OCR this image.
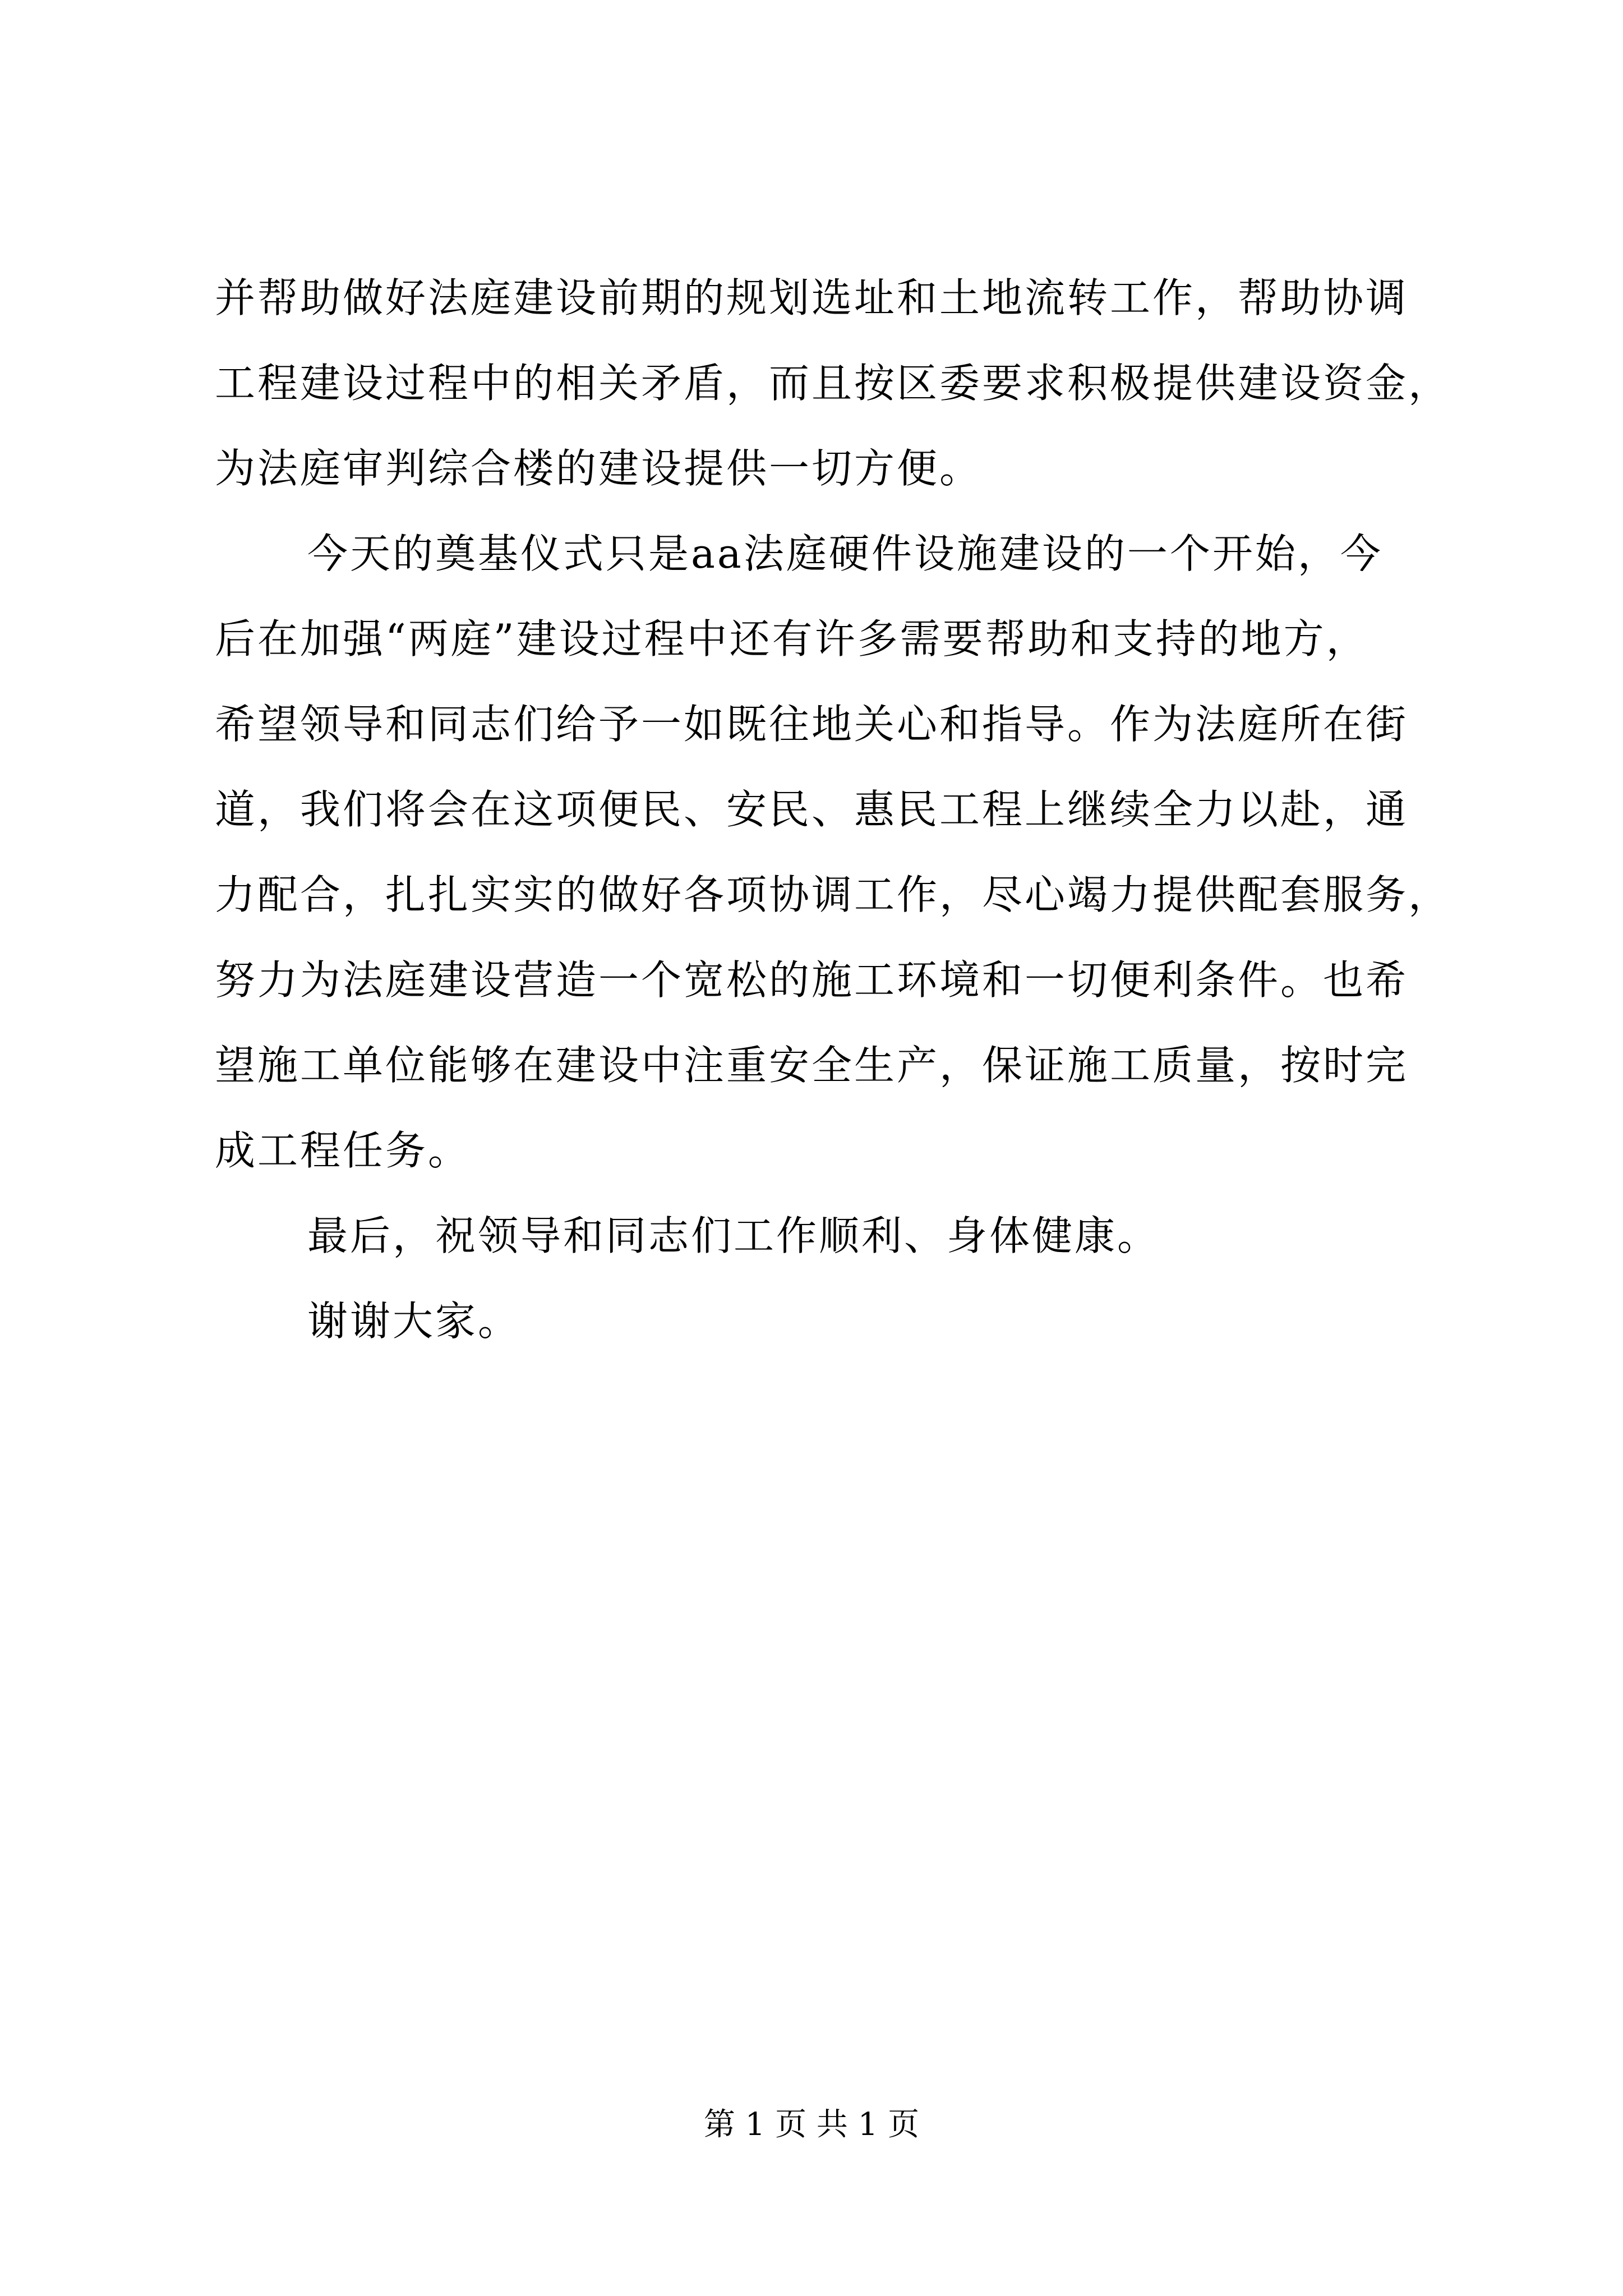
并帮助做好法庭建设前期的规划选址和土地流转工作，帮助协调
工程建设过程中的相关矛盾，而且按区委要求积极提供建设资金，
为法庭审判综合楼的建设提供一切方便。
今天的奠基仪式只是aa法庭硬件设施建设的一个开始，今
后在加强“两庭”建设过程中还有许多需要帮助和支持的地方，
希望领导和同志们给予一如既往地关心和指导。作为法庭所在街
道，我们将会在这项便民、安民、惠民工程上继续全力以赴，通
力配合，扎扎实实的做好各项协调工作，尽心竭力提供配套服务，
努力为法庭建设营造一个宽松的施工环境和一切便利条件。也希
望施工单位能够在建设中注重安全生产，保证施工质量，按时完
成工程任务。
最后，祝领导和同志们工作顺利、身体健康。
谢谢大家。
第 1 页 共 1 页
